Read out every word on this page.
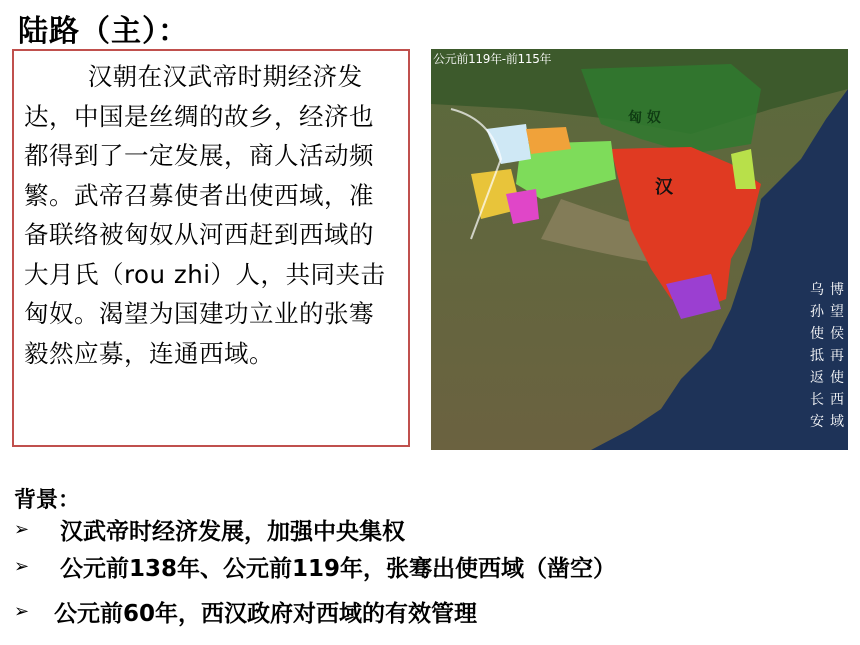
陆路（主）：

汉朝在汉武帝时期经济发达，中国是丝绸的故乡，经济也都得到了一定发展，商人活动频繁。武帝召募使者出使西域，准备联络被匈奴从河西赶到西域的大月氏（rou zhi）人，共同夹击匈奴。渴望为国建功立业的张骞毅然应募，连通西域。

公元前119年-前115年
匈 奴
汉
乌孙使抵返长安
博望侯再使西域
背景：
➢	汉武帝时经济发展，加强中央集权
➢	公元前138年、公元前119年，张骞出使西域（凿空）
➢	公元前60年，西汉政府对西域的有效管理
